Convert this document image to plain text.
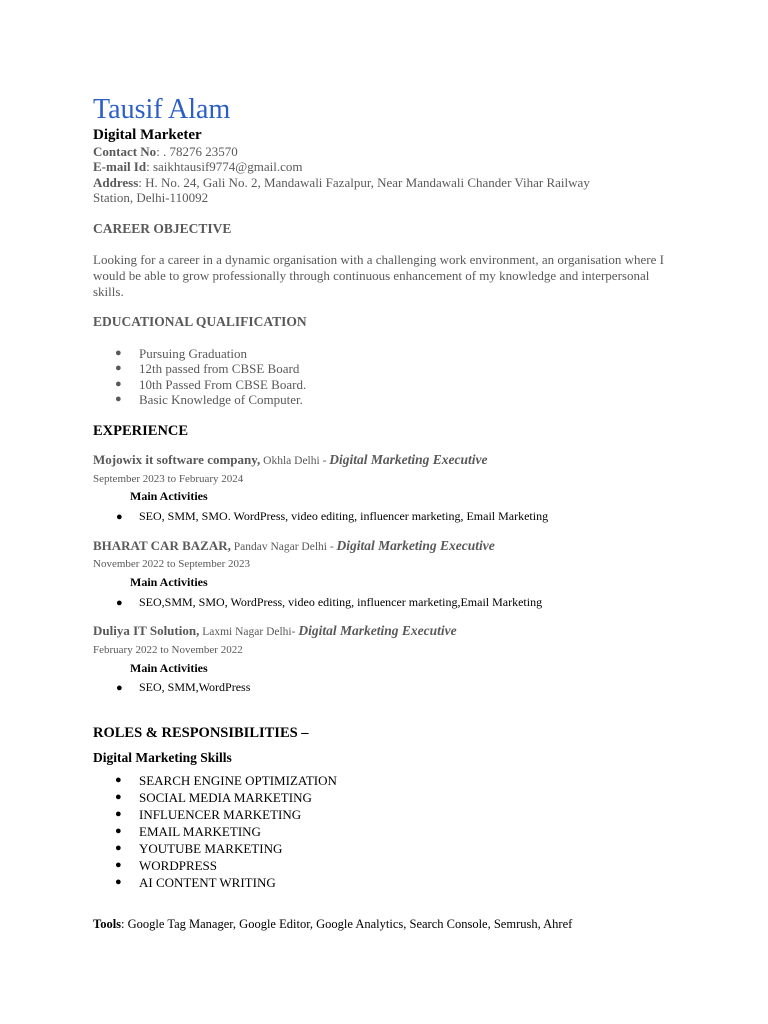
Tausif Alam
Digital Marketer
Contact No: . 78276 23570
E-mail Id: saikhtausif9774@gmail.com
Address: H. No. 24, Gali No. 2, Mandawali Fazalpur, Near Mandawali Chander Vihar Railway
Station, Delhi-110092
CAREER OBJECTIVE
Looking for a career in a dynamic organisation with a challenging work environment, an organisation where I would be able to grow professionally through continuous enhancement of my knowledge and interpersonal skills.
EDUCATIONAL QUALIFICATION
● Pursuing Graduation
● 12th passed from CBSE Board
● 10th Passed From CBSE Board.
● Basic Knowledge of Computer.
EXPERIENCE
Mojowix it software company, Okhla Delhi - Digital Marketing Executive
September 2023 to February 2024
Main Activities
● SEO, SMM, SMO. WordPress, video editing, influencer marketing, Email Marketing
BHARAT CAR BAZAR, Pandav Nagar Delhi - Digital Marketing Executive
November 2022 to September 2023
Main Activities
● SEO,SMM, SMO, WordPress, video editing, influencer marketing,Email Marketing
Duliya IT Solution, Laxmi Nagar Delhi- Digital Marketing Executive
February 2022 to November 2022
Main Activities
● SEO, SMM,WordPress
ROLES & RESPONSIBILITIES –
Digital Marketing Skills
● SEARCH ENGINE OPTIMIZATION
● SOCIAL MEDIA MARKETING
● INFLUENCER MARKETING
● EMAIL MARKETING
● YOUTUBE MARKETING
● WORDPRESS
● AI CONTENT WRITING
Tools: Google Tag Manager, Google Editor, Google Analytics, Search Console, Semrush, Ahref
